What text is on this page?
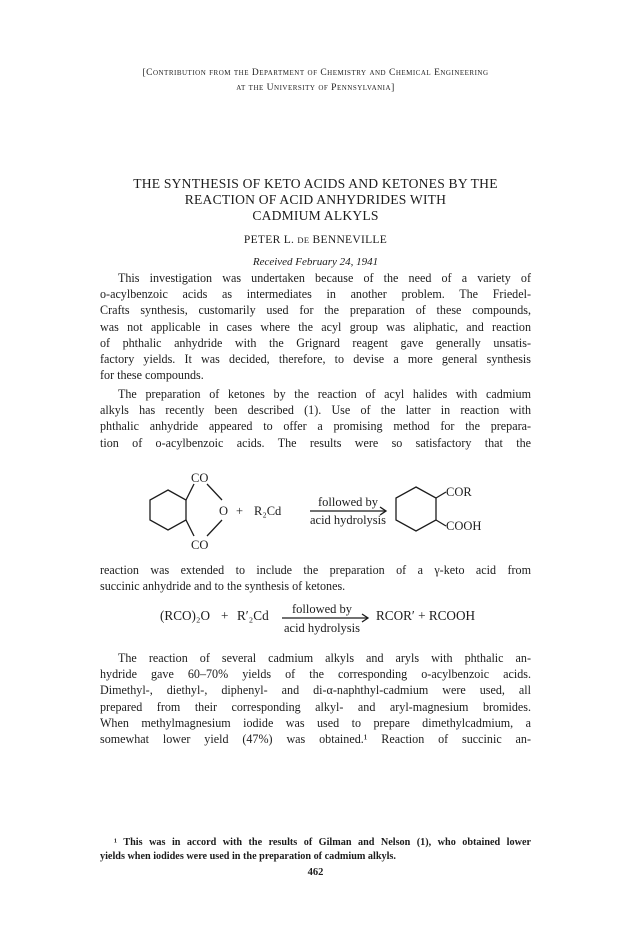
[Contribution from the Department of Chemistry and Chemical Engineering
at the University of Pennsylvania]
THE SYNTHESIS OF KETO ACIDS AND KETONES BY THE
REACTION OF ACID ANHYDRIDES WITH
CADMIUM ALKYLS
PETER L. DE BENNEVILLE
Received February 24, 1941
This investigation was undertaken because of the need of a variety of
o-acylbenzoic acids as intermediates in another problem. The Friedel-
Crafts synthesis, customarily used for the preparation of these compounds,
was not applicable in cases where the acyl group was aliphatic, and reaction
of phthalic anhydride with the Grignard reagent gave generally unsatis-
factory yields. It was decided, therefore, to devise a more general synthesis
for these compounds.
The preparation of ketones by the reaction of acyl halides with cadmium
alkyls has recently been described (1). Use of the latter in reaction with
phthalic anhydride appeared to offer a promising method for the prepara-
tion of o-acylbenzoic acids. The results were so satisfactory that the
CO
CO
O + R₂Cd
followed by
acid hydrolysis
COR
COOH
reaction was extended to include the preparation of a γ-keto acid from
succinic anhydride and to the synthesis of ketones.
(RCO)₂O + R′₂Cd	RCOR′ + RCOOH
followed by
acid hydrolysis
The reaction of several cadmium alkyls and aryls with phthalic an-
hydride gave 60–70% yields of the corresponding o-acylbenzoic acids.
Dimethyl-, diethyl-, diphenyl- and di-α-naphthyl-cadmium were used, all
prepared from their corresponding alkyl- and aryl-magnesium bromides.
When methylmagnesium iodide was used to prepare dimethylcadmium, a
somewhat lower yield (47%) was obtained.¹ Reaction of succinic an-
¹ This was in accord with the results of Gilman and Nelson (1), who obtained lower
yields when iodides were used in the preparation of cadmium alkyls.
462
